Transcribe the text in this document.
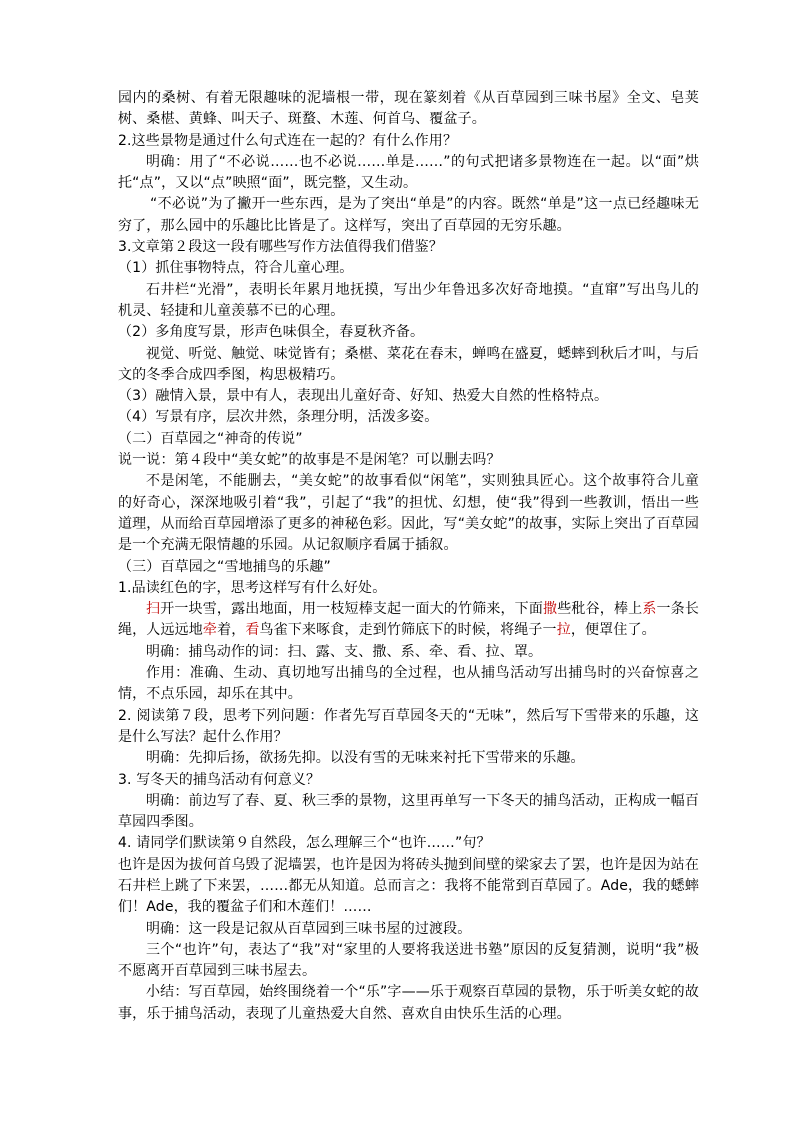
园内的桑树、有着无限趣味的泥墙根一带，现在篆刻着《从百草园到三味书屋》全文、皂荚树、桑椹、黄蜂、叫天子、斑蝥、木莲、何首乌、覆盆子。

2.这些景物是通过什么句式连在一起的？有什么作用？

明确：用了“不必说……也不必说……单是……”的句式把诸多景物连在一起。以“面”烘托“点”，又以“点”映照“面”，既完整，又生动。

“不必说”为了撇开一些东西，是为了突出“单是”的内容。既然“单是”这一点已经趣味无穷了，那么园中的乐趣比比皆是了。这样写，突出了百草园的无穷乐趣。

3.文章第２段这一段有哪些写作方法值得我们借鉴？

（1）抓住事物特点，符合儿童心理。

石井栏“光滑”，表明长年累月地抚摸，写出少年鲁迅多次好奇地摸。“直窜”写出鸟儿的机灵、轻捷和儿童羡慕不已的心理。

（2）多角度写景，形声色味俱全，春夏秋齐备。

视觉、听觉、触觉、味觉皆有；桑椹、菜花在春末，蝉鸣在盛夏，蟋蟀到秋后才叫，与后文的冬季合成四季图，构思极精巧。

（3）融情入景，景中有人，表现出儿童好奇、好知、热爱大自然的性格特点。

（4）写景有序，层次井然，条理分明，活泼多姿。

（二）百草园之“神奇的传说”

说一说：第４段中“美女蛇”的故事是不是闲笔？可以删去吗？

不是闲笔，不能删去，“美女蛇”的故事看似“闲笔”，实则独具匠心。这个故事符合儿童的好奇心，深深地吸引着“我”，引起了“我”的担忧、幻想，使“我”得到一些教训，悟出一些道理，从而给百草园增添了更多的神秘色彩。因此，写“美女蛇”的故事，实际上突出了百草园是一个充满无限情趣的乐园。从记叙顺序看属于插叙。

（三）百草园之“雪地捕鸟的乐趣”

1.品读红色的字，思考这样写有什么好处。

扫开一块雪，露出地面，用一枝短棒支起一面大的竹筛来，下面撒些秕谷，棒上系一条长绳，人远远地牵着，看鸟雀下来啄食，走到竹筛底下的时候，将绳子一拉，便罩住了。

明确：捕鸟动作的词：扫、露、支、撒、系、牵、看、拉、罩。

作用：准确、生动、真切地写出捕鸟的全过程，也从捕鸟活动写出捕鸟时的兴奋惊喜之情，不点乐园，却乐在其中。

2. 阅读第７段，思考下列问题：作者先写百草园冬天的“无味”，然后写下雪带来的乐趣，这是什么写法？起什么作用？

明确：先抑后扬，欲扬先抑。以没有雪的无味来衬托下雪带来的乐趣。

3. 写冬天的捕鸟活动有何意义？

明确：前边写了春、夏、秋三季的景物，这里再单写一下冬天的捕鸟活动，正构成一幅百草园四季图。

4. 请同学们默读第９自然段，怎么理解三个“也许……”句？

也许是因为拔何首乌毁了泥墙罢，也许是因为将砖头抛到间壁的梁家去了罢，也许是因为站在石井栏上跳了下来罢，……都无从知道。总而言之：我将不能常到百草园了。Ade，我的蟋蟀们！Ade，我的覆盆子们和木莲们！……

明确：这一段是记叙从百草园到三味书屋的过渡段。

三个“也许”句，表达了“我”对“家里的人要将我送进书塾”原因的反复猜测，说明“我”极不愿离开百草园到三味书屋去。

小结：写百草园，始终围绕着一个“乐”字——乐于观察百草园的景物，乐于听美女蛇的故事，乐于捕鸟活动，表现了儿童热爱大自然、喜欢自由快乐生活的心理。
